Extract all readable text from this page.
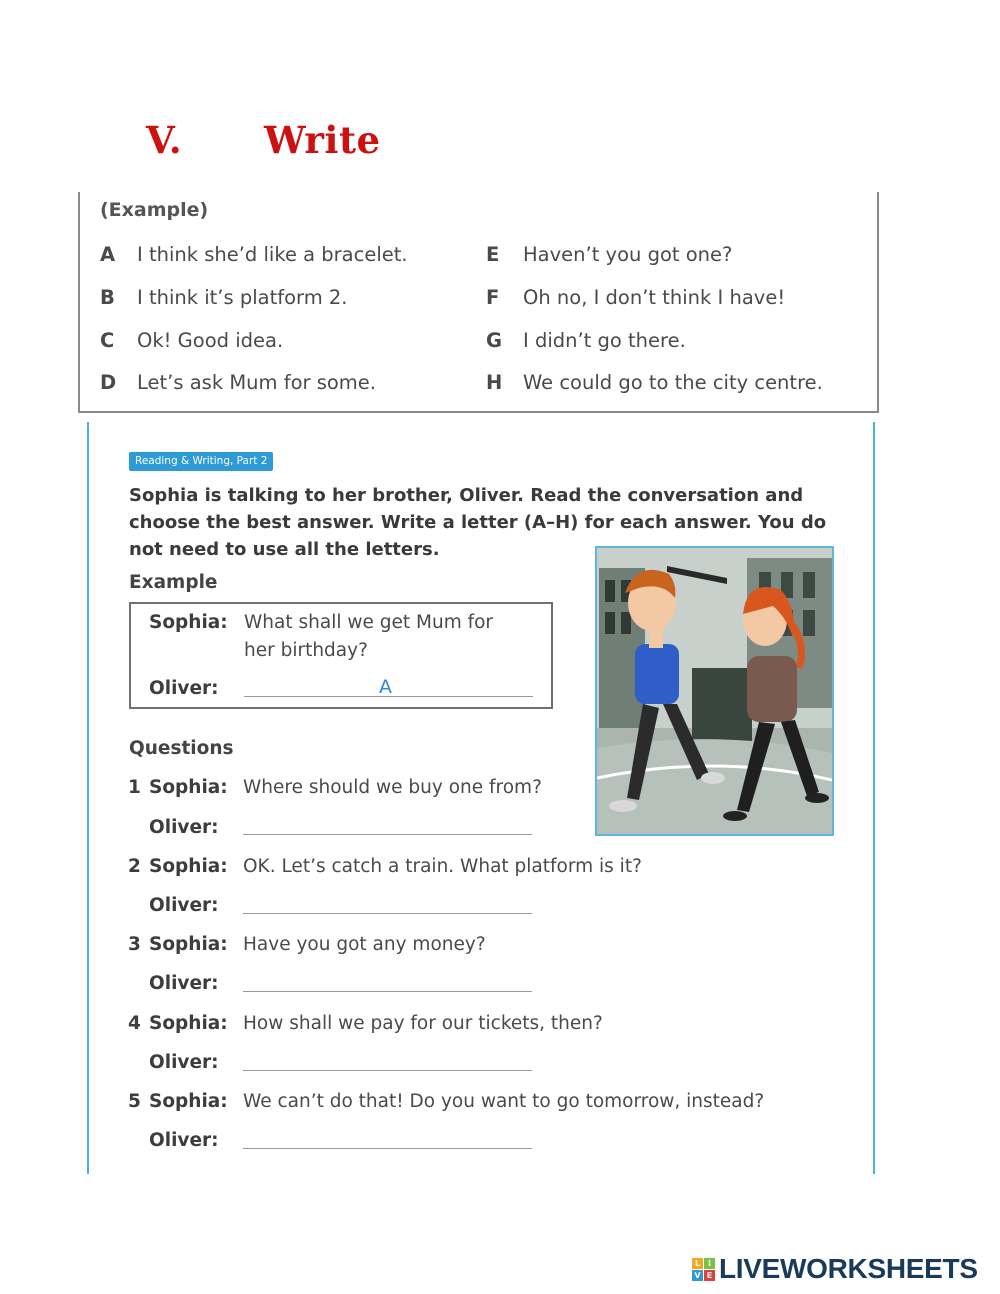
V. Write
(Example)
A I think she’d like a bracelet.
B I think it’s platform 2.
C Ok! Good idea.
D Let’s ask Mum for some.
E Haven’t you got one?
F Oh no, I don’t think I have!
G I didn’t go there.
H We could go to the city centre.
Reading & Writing, Part 2
Sophia is talking to her brother, Oliver. Read the conversation and choose the best answer. Write a letter (A–H) for each answer. You do not need to use all the letters.
Example
Sophia: What shall we get Mum for
her birthday?
Oliver:	A
Questions
1 Sophia: Where should we buy one from?
Oliver:
2 Sophia: OK. Let’s catch a train. What platform is it?
Oliver:
3 Sophia: Have you got any money?
Oliver:
4 Sophia: How shall we pay for our tickets, then?
Oliver:
5 Sophia: We can’t do that! Do you want to go tomorrow, instead?
Oliver:
L I
V E LIVEWORKSHEETS
